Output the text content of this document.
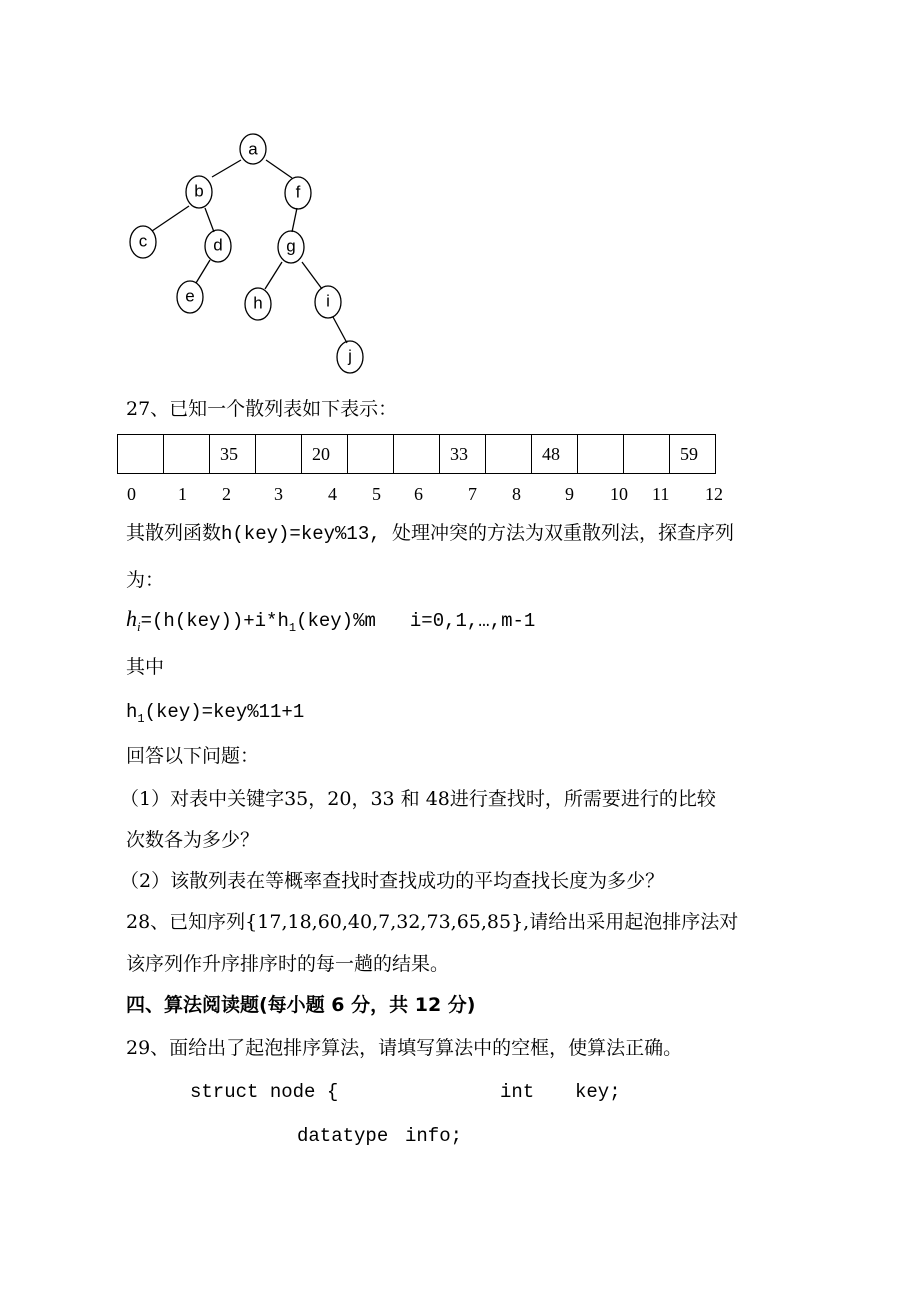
a
b	f
c	d
e
g
h	i
j
27、已知一个散列表如下表示：
		35		20			33		48			59
0 1 2 3	4 5 6	7 8 9 10 11 12
其散列函数h(key)=key%13, 处理冲突的方法为双重散列法，探查序列
为：
$h_i=(h(key))+i*h_1(key)\%m$ i=0,1,…,m-1
其中
$h_1(key)=key\%11+1$
回答以下问题：
（1）对表中关键字35，20，33 和 48进行查找时，所需要进行的比较
次数各为多少？
（2）该散列表在等概率查找时查找成功的平均查找长度为多少？
28、已知序列{17,18,60,40,7,32,73,65,85},请给出采用起泡排序法对
该序列作升序排序时的每一趟的结果。
四、算法阅读题(每小题 6 分，共 12 分)
29、面给出了起泡排序算法，请填写算法中的空框，使算法正确。
struct node {	int key;
datatype info;
